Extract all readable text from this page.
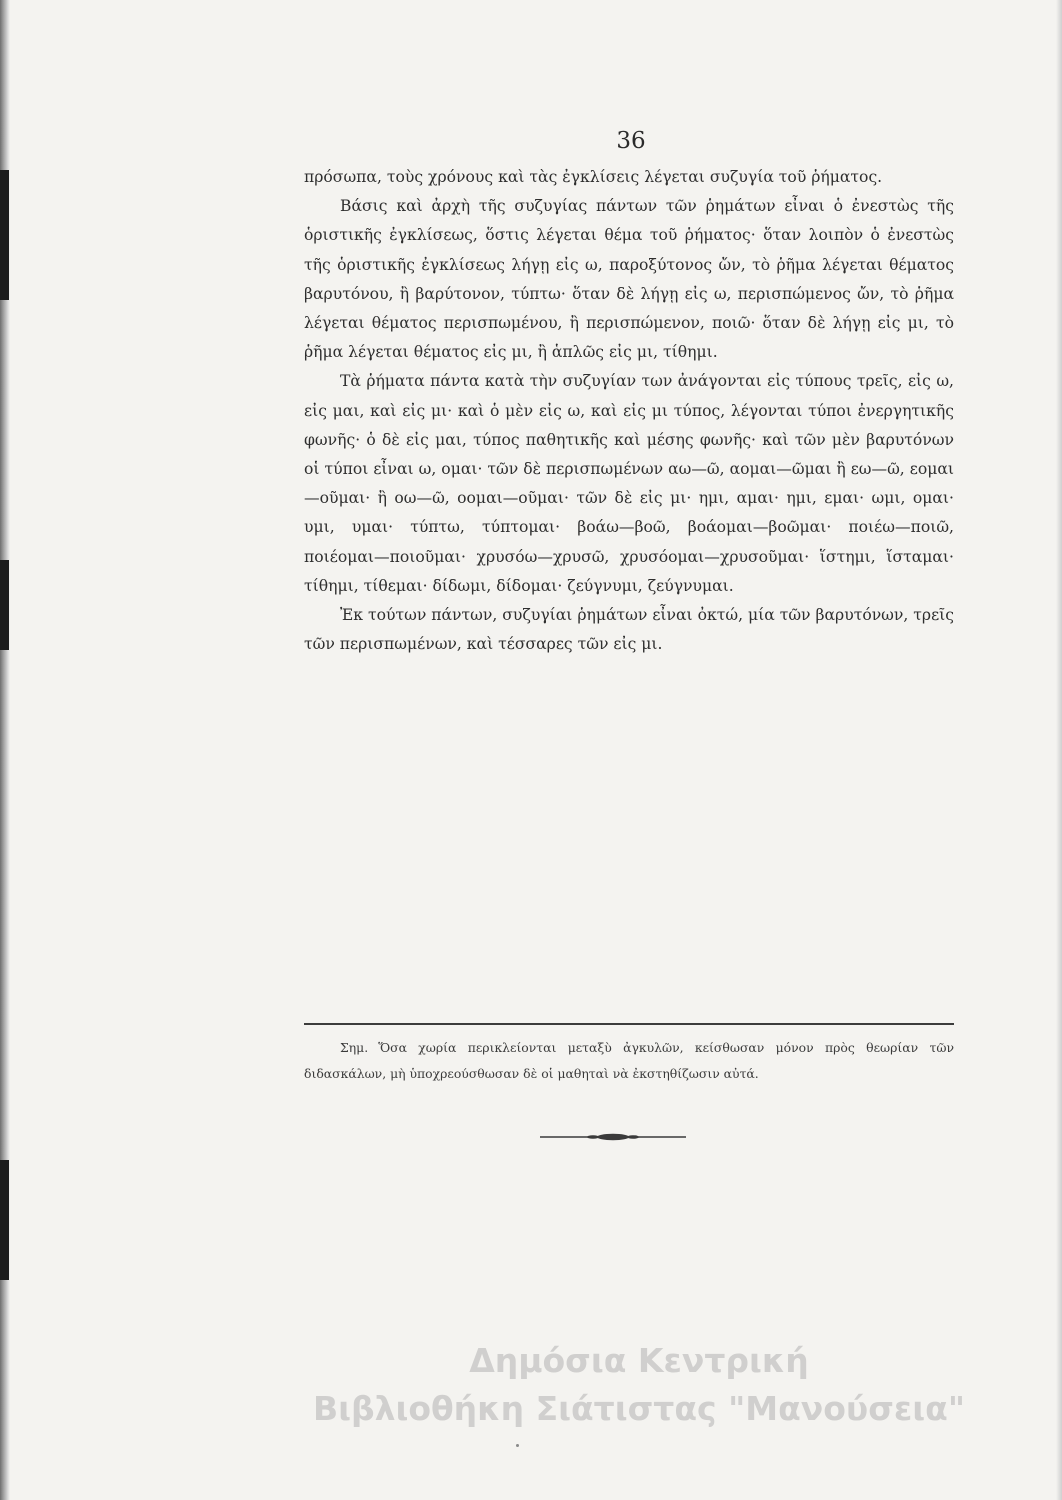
36

πρόσωπα, τοὺς χρόνους καὶ τὰς ἐγκλίσεις λέγεται συζυγία τοῦ ῥήματος.

Βάσις καὶ ἀρχὴ τῆς συζυγίας πάντων τῶν ῥημάτων εἶναι ὁ ἐνεστὼς τῆς ὁριστικῆς ἐγκλίσεως, ὅστις λέγεται θέμα τοῦ ῥήματος· ὅταν λοιπὸν ὁ ἐνεστὼς τῆς ὁριστικῆς ἐγκλίσεως λήγῃ εἰς ω, παροξύτονος ὤν, τὸ ῥῆμα λέγεται θέματος βαρυτόνου, ἢ βαρύτονον, τύπτω· ὅταν δὲ λήγῃ εἰς ω, περισπώμενος ὤν, τὸ ῥῆμα λέγεται θέματος περισπωμένου, ἢ περισπώμενον, ποιῶ· ὅταν δὲ λήγῃ εἰς μι, τὸ ῥῆμα λέγεται θέματος εἰς μι, ἢ ἁπλῶς εἰς μι, τίθημι.

Τὰ ῥήματα πάντα κατὰ τὴν συζυγίαν των ἀνάγονται εἰς τύπους τρεῖς, εἰς ω, εἰς μαι, καὶ εἰς μι· καὶ ὁ μὲν εἰς ω, καὶ εἰς μι τύπος, λέγονται τύποι ἐνεργητικῆς φωνῆς· ὁ δὲ εἰς μαι, τύπος παθητικῆς καὶ μέσης φωνῆς· καὶ τῶν μὲν βαρυτόνων οἱ τύποι εἶναι ω, ομαι· τῶν δὲ περισπωμένων αω—ῶ, αομαι—ῶμαι ἢ εω—ῶ, εομαι—οῦμαι· ἢ οω—ῶ, οομαι—οῦμαι· τῶν δὲ εἰς μι· ημι, αμαι· ημι, εμαι· ωμι, ομαι· υμι, υμαι· τύπτω, τύπτομαι· βοάω—βοῶ, βοάομαι—βοῶμαι· ποιέω—ποιῶ, ποιέομαι—ποιοῦμαι· χρυσόω—χρυσῶ, χρυσόομαι—χρυσοῦμαι· ἵστημι, ἵσταμαι· τίθημι, τίθεμαι· δίδωμι, δίδομαι· ζεύγνυμι, ζεύγνυμαι.

Ἐκ τούτων πάντων, συζυγίαι ῥημάτων εἶναι ὀκτώ, μία τῶν βαρυτόνων, τρεῖς τῶν περισπωμένων, καὶ τέσσαρες τῶν εἰς μι.

Σημ. Ὅσα χωρία περικλείονται μεταξὺ ἀγκυλῶν, κείσθωσαν μόνον πρὸς θεωρίαν τῶν διδασκάλων, μὴ ὑποχρεούσθωσαν δὲ οἱ μαθηταὶ νὰ ἐκστηθίζωσιν αὐτά.
Δημόσια Κεντρική
Βιβλιοθήκη Σιάτιστας "Μανούσεια"
